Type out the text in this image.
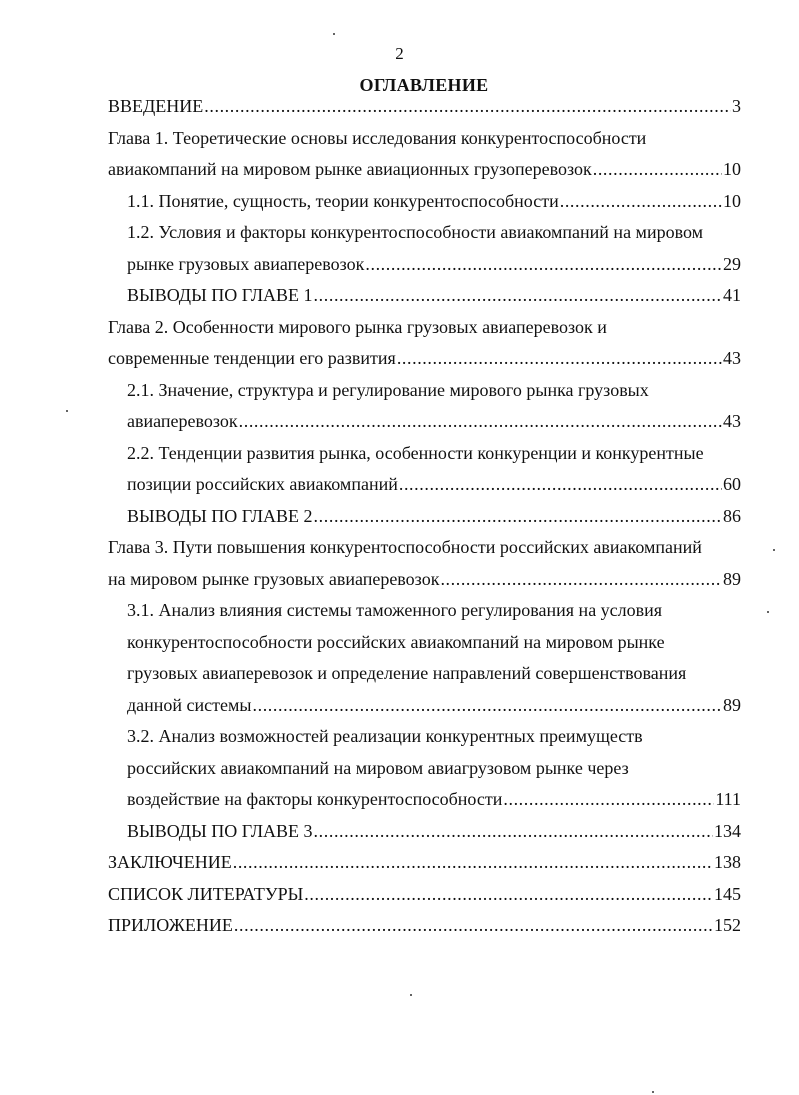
2
ОГЛАВЛЕНИЕ
ВВЕДЕНИЕ .....	3
Глава 1. Теоретические основы исследования конкурентоспособности
авиакомпаний на мировом рынке авиационных грузоперевозок .....	10
1.1. Понятие, сущность, теории конкурентоспособности .....	10
1.2. Условия и факторы конкурентоспособности авиакомпаний на мировом
рынке грузовых авиаперевозок .....	29
ВЫВОДЫ ПО ГЛАВЕ 1 .....	41
Глава 2. Особенности мирового рынка грузовых авиаперевозок и
современные тенденции его развития .....	43
2.1. Значение, структура и регулирование мирового рынка грузовых
авиаперевозок .....	43
2.2. Тенденции развития рынка, особенности конкуренции и конкурентные
позиции российских авиакомпаний .....	60
ВЫВОДЫ ПО ГЛАВЕ 2 .....	86
Глава 3. Пути повышения конкурентоспособности российских авиакомпаний
на мировом рынке грузовых авиаперевозок .....	89
3.1. Анализ влияния системы таможенного регулирования на условия
конкурентоспособности российских авиакомпаний на мировом рынке
грузовых авиаперевозок и определение направлений совершенствования
данной системы .....	89
3.2. Анализ возможностей реализации конкурентных преимуществ
российских авиакомпаний на мировом авиагрузовом рынке через
воздействие на факторы конкурентоспособности .....	111
ВЫВОДЫ ПО ГЛАВЕ 3 .....	134
ЗАКЛЮЧЕНИЕ .....	138
СПИСОК ЛИТЕРАТУРЫ .....	145
ПРИЛОЖЕНИЕ .....	152
